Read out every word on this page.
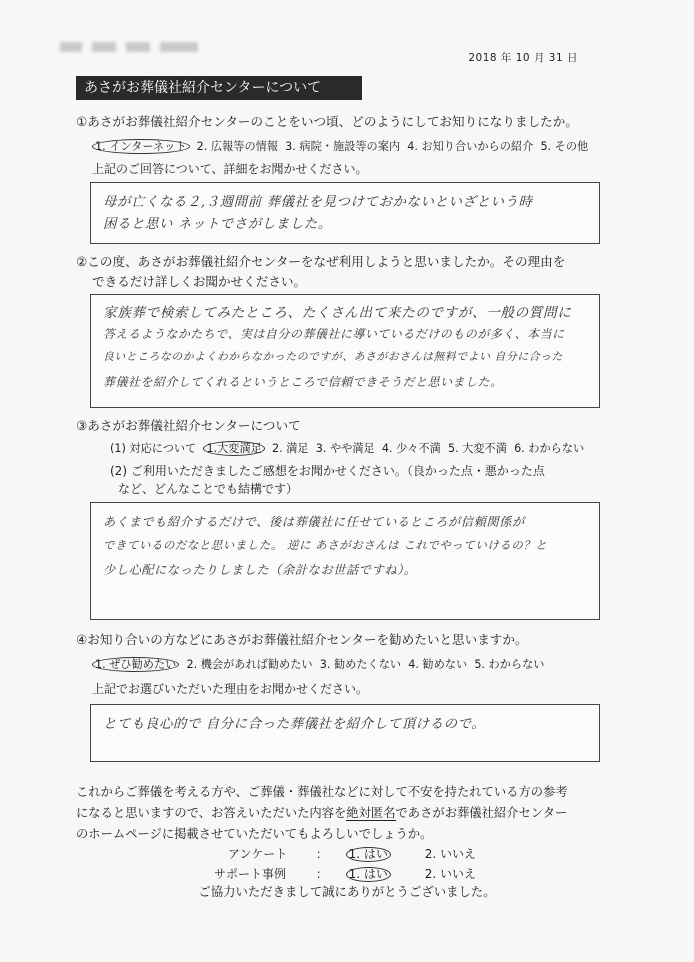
2018 年 10 月 31 日
あさがお葬儀社紹介センターについて
①あさがお葬儀社紹介センターのことをいつ頃、どのようにしてお知りになりましたか。
1. インターネット 2. 広報等の情報 3. 病院・施設等の案内 4. お知り合いからの紹介 5. その他
上記のご回答について、詳細をお聞かせください。
母が亡くなる２,３週間前 葬儀社を見つけておかないといざという時
困ると思い ネットでさがしました。
②この度、あさがお葬儀社紹介センターをなぜ利用しようと思いましたか。その理由を
できるだけ詳しくお聞かせください。
家族葬で検索してみたところ、たくさん出て来たのですが、一般の質問に
答えるようなかたちで、実は自分の葬儀社に導いているだけのものが多く、本当に
良いところなのかよくわからなかったのですが、あさがおさんは無料でよい 自分に合った
葬儀社を紹介してくれるというところで信頼できそうだと思いました。
③あさがお葬儀社紹介センターについて
(1) 対応について 1.大変満足 2. 満足 3. やや満足 4. 少々不満 5. 大変不満 6. わからない
(2) ご利用いただきましたご感想をお聞かせください。（良かった点・悪かった点
など、どんなことでも結構です）
あくまでも紹介するだけで、後は葬儀社に任せているところが信頼関係が
できているのだなと思いました。 逆に あさがおさんは これでやっていけるの？と
少し心配になったりしました（余計なお世話ですね）。
④お知り合いの方などにあさがお葬儀社紹介センターを勧めたいと思いますか。
1. ぜひ勧めたい 2. 機会があれば勧めたい 3. 勧めたくない 4. 勧めない 5. わからない
上記でお選びいただいた理由をお聞かせください。
とても良心的で 自分に合った葬儀社を紹介して頂けるので。
これからご葬儀を考える方や、ご葬儀・葬儀社などに対して不安を持たれている方の参考
になると思いますので、お答えいただいた内容を絶対匿名であさがお葬儀社紹介センター
のホームページに掲載させていただいてもよろしいでしょうか。
アンケート ： 1. はい	2. いいえ
サポート事例 ： 1. はい	2. いいえ
ご協力いただきまして誠にありがとうございました。
